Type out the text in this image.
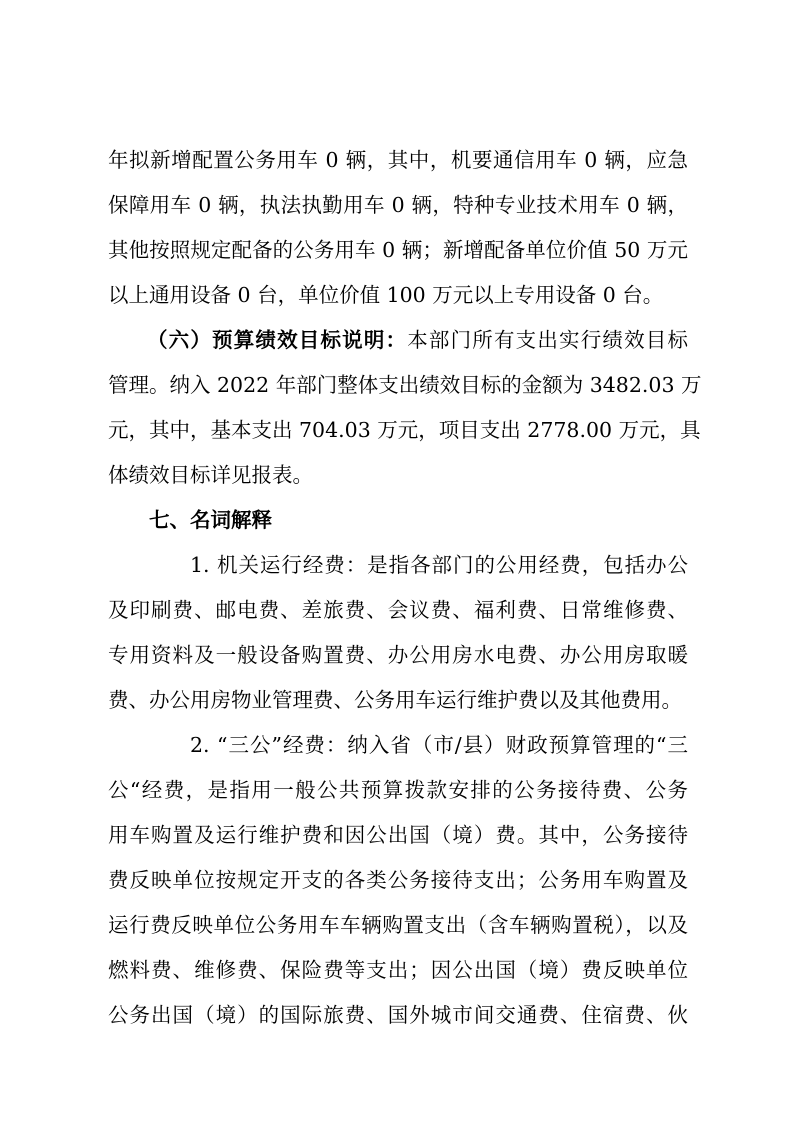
年拟新增配置公务用车 0 辆，其中，机要通信用车 0 辆，应急
保障用车 0 辆，执法执勤用车 0 辆，特种专业技术用车 0 辆，
其他按照规定配备的公务用车 0 辆；新增配备单位价值 50 万元
以上通用设备 0 台，单位价值 100 万元以上专用设备 0 台。
（六）预算绩效目标说明：本部门所有支出实行绩效目标
管理。纳入 2022 年部门整体支出绩效目标的金额为 3482.03 万
元，其中，基本支出 704.03 万元，项目支出 2778.00 万元，具
体绩效目标详见报表。
七、名词解释
1. 机关运行经费：是指各部门的公用经费，包括办公
及印刷费、邮电费、差旅费、会议费、福利费、日常维修费、
专用资料及一般设备购置费、办公用房水电费、办公用房取暖
费、办公用房物业管理费、公务用车运行维护费以及其他费用。
2. “三公”经费：纳入省（市/县）财政预算管理的“三
公“经费，是指用一般公共预算拨款安排的公务接待费、公务
用车购置及运行维护费和因公出国（境）费。其中，公务接待
费反映单位按规定开支的各类公务接待支出；公务用车购置及
运行费反映单位公务用车车辆购置支出（含车辆购置税），以及
燃料费、维修费、保险费等支出；因公出国（境）费反映单位
公务出国（境）的国际旅费、国外城市间交通费、住宿费、伙
